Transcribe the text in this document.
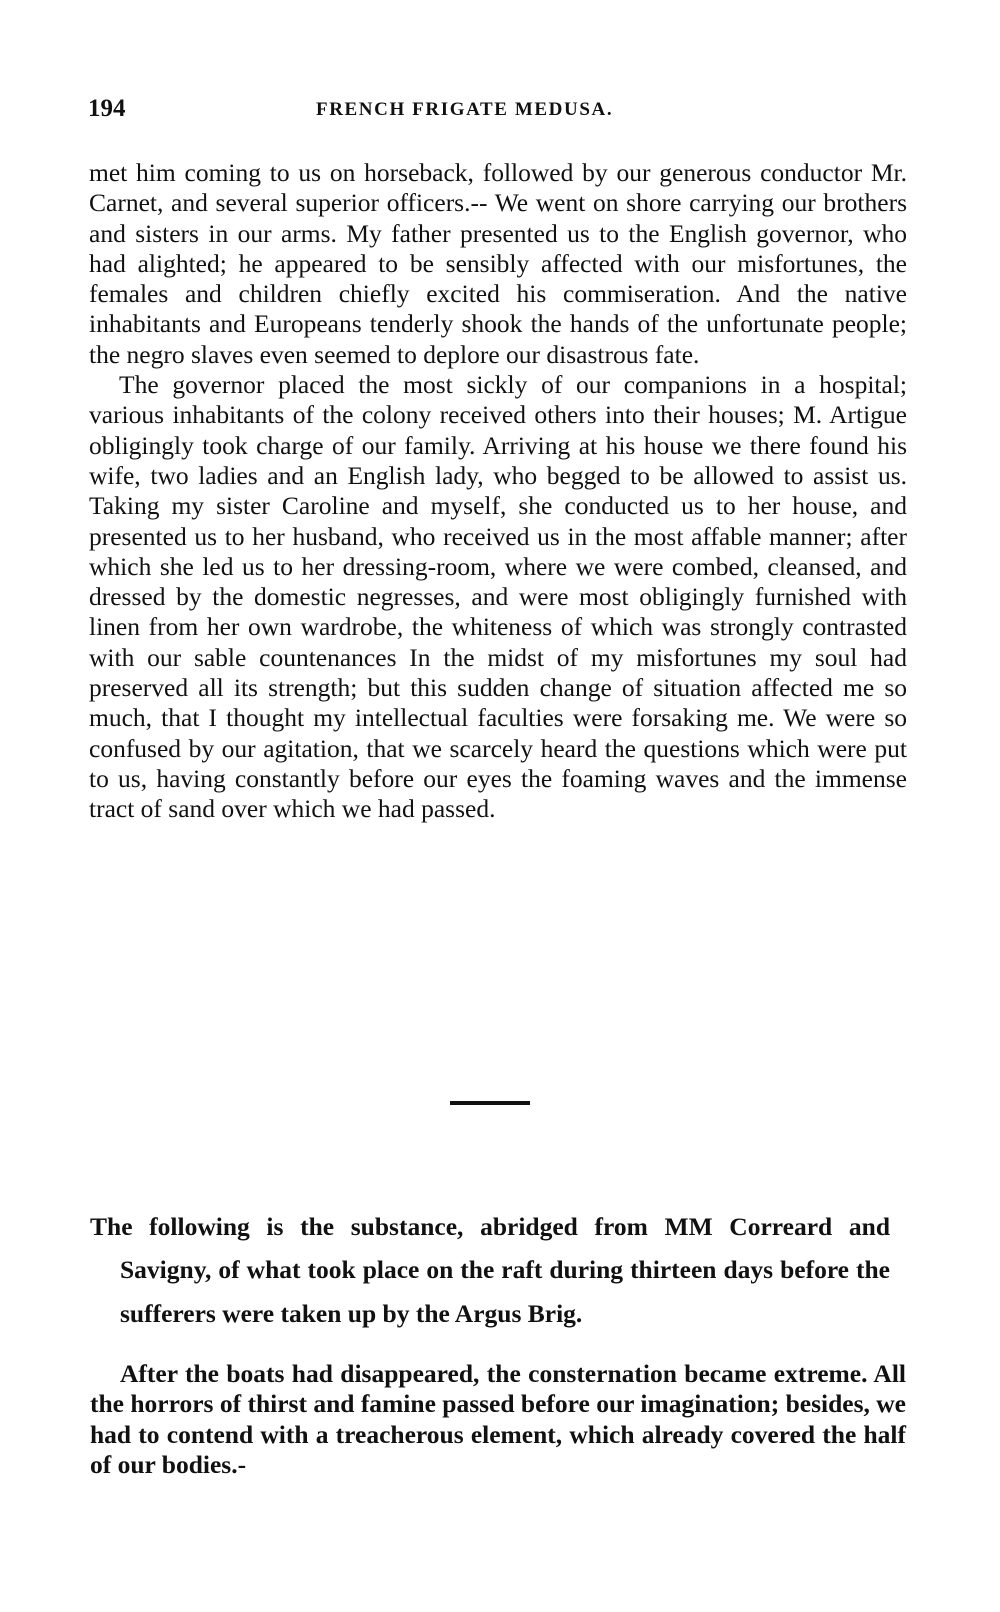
194	FRENCH FRIGATE MEDUSA.

met him coming to us on horseback, followed by our generous conductor Mr. Carnet, and several superior officers.-- We went on shore carrying our brothers and sisters in our arms. My father presented us to the English governor, who had alighted; he appeared to be sensibly affected with our misfortunes, the females and children chiefly excited his commiseration. And the native inhabitants and Europeans tenderly shook the hands of the unfortunate people; the negro slaves even seemed to deplore our disastrous fate.

The governor placed the most sickly of our companions in a hospital; various inhabitants of the colony received others into their houses; M. Artigue obligingly took charge of our family. Arriving at his house we there found his wife, two ladies and an English lady, who begged to be allowed to assist us. Taking my sister Caroline and myself, she conducted us to her house, and presented us to her husband, who received us in the most affable manner; after which she led us to her dressing-room, where we were combed, cleansed, and dressed by the domestic negresses, and were most obligingly furnished with linen from her own wardrobe, the whiteness of which was strongly contrasted with our sable countenances In the midst of my misfortunes my soul had preserved all its strength; but this sudden change of situation affected me so much, that I thought my intellectual faculties were forsaking me. We were so confused by our agitation, that we scarcely heard the questions which were put to us, having constantly before our eyes the foaming waves and the immense tract of sand over which we had passed.

The following is the substance, abridged from MM Correard and Savigny, of what took place on the raft during thirteen days before the sufferers were taken up by the Argus Brig.

After the boats had disappeared, the consternation became extreme. All the horrors of thirst and famine passed before our imagination; besides, we had to contend with a treacherous element, which already covered the half of our bodies.-
